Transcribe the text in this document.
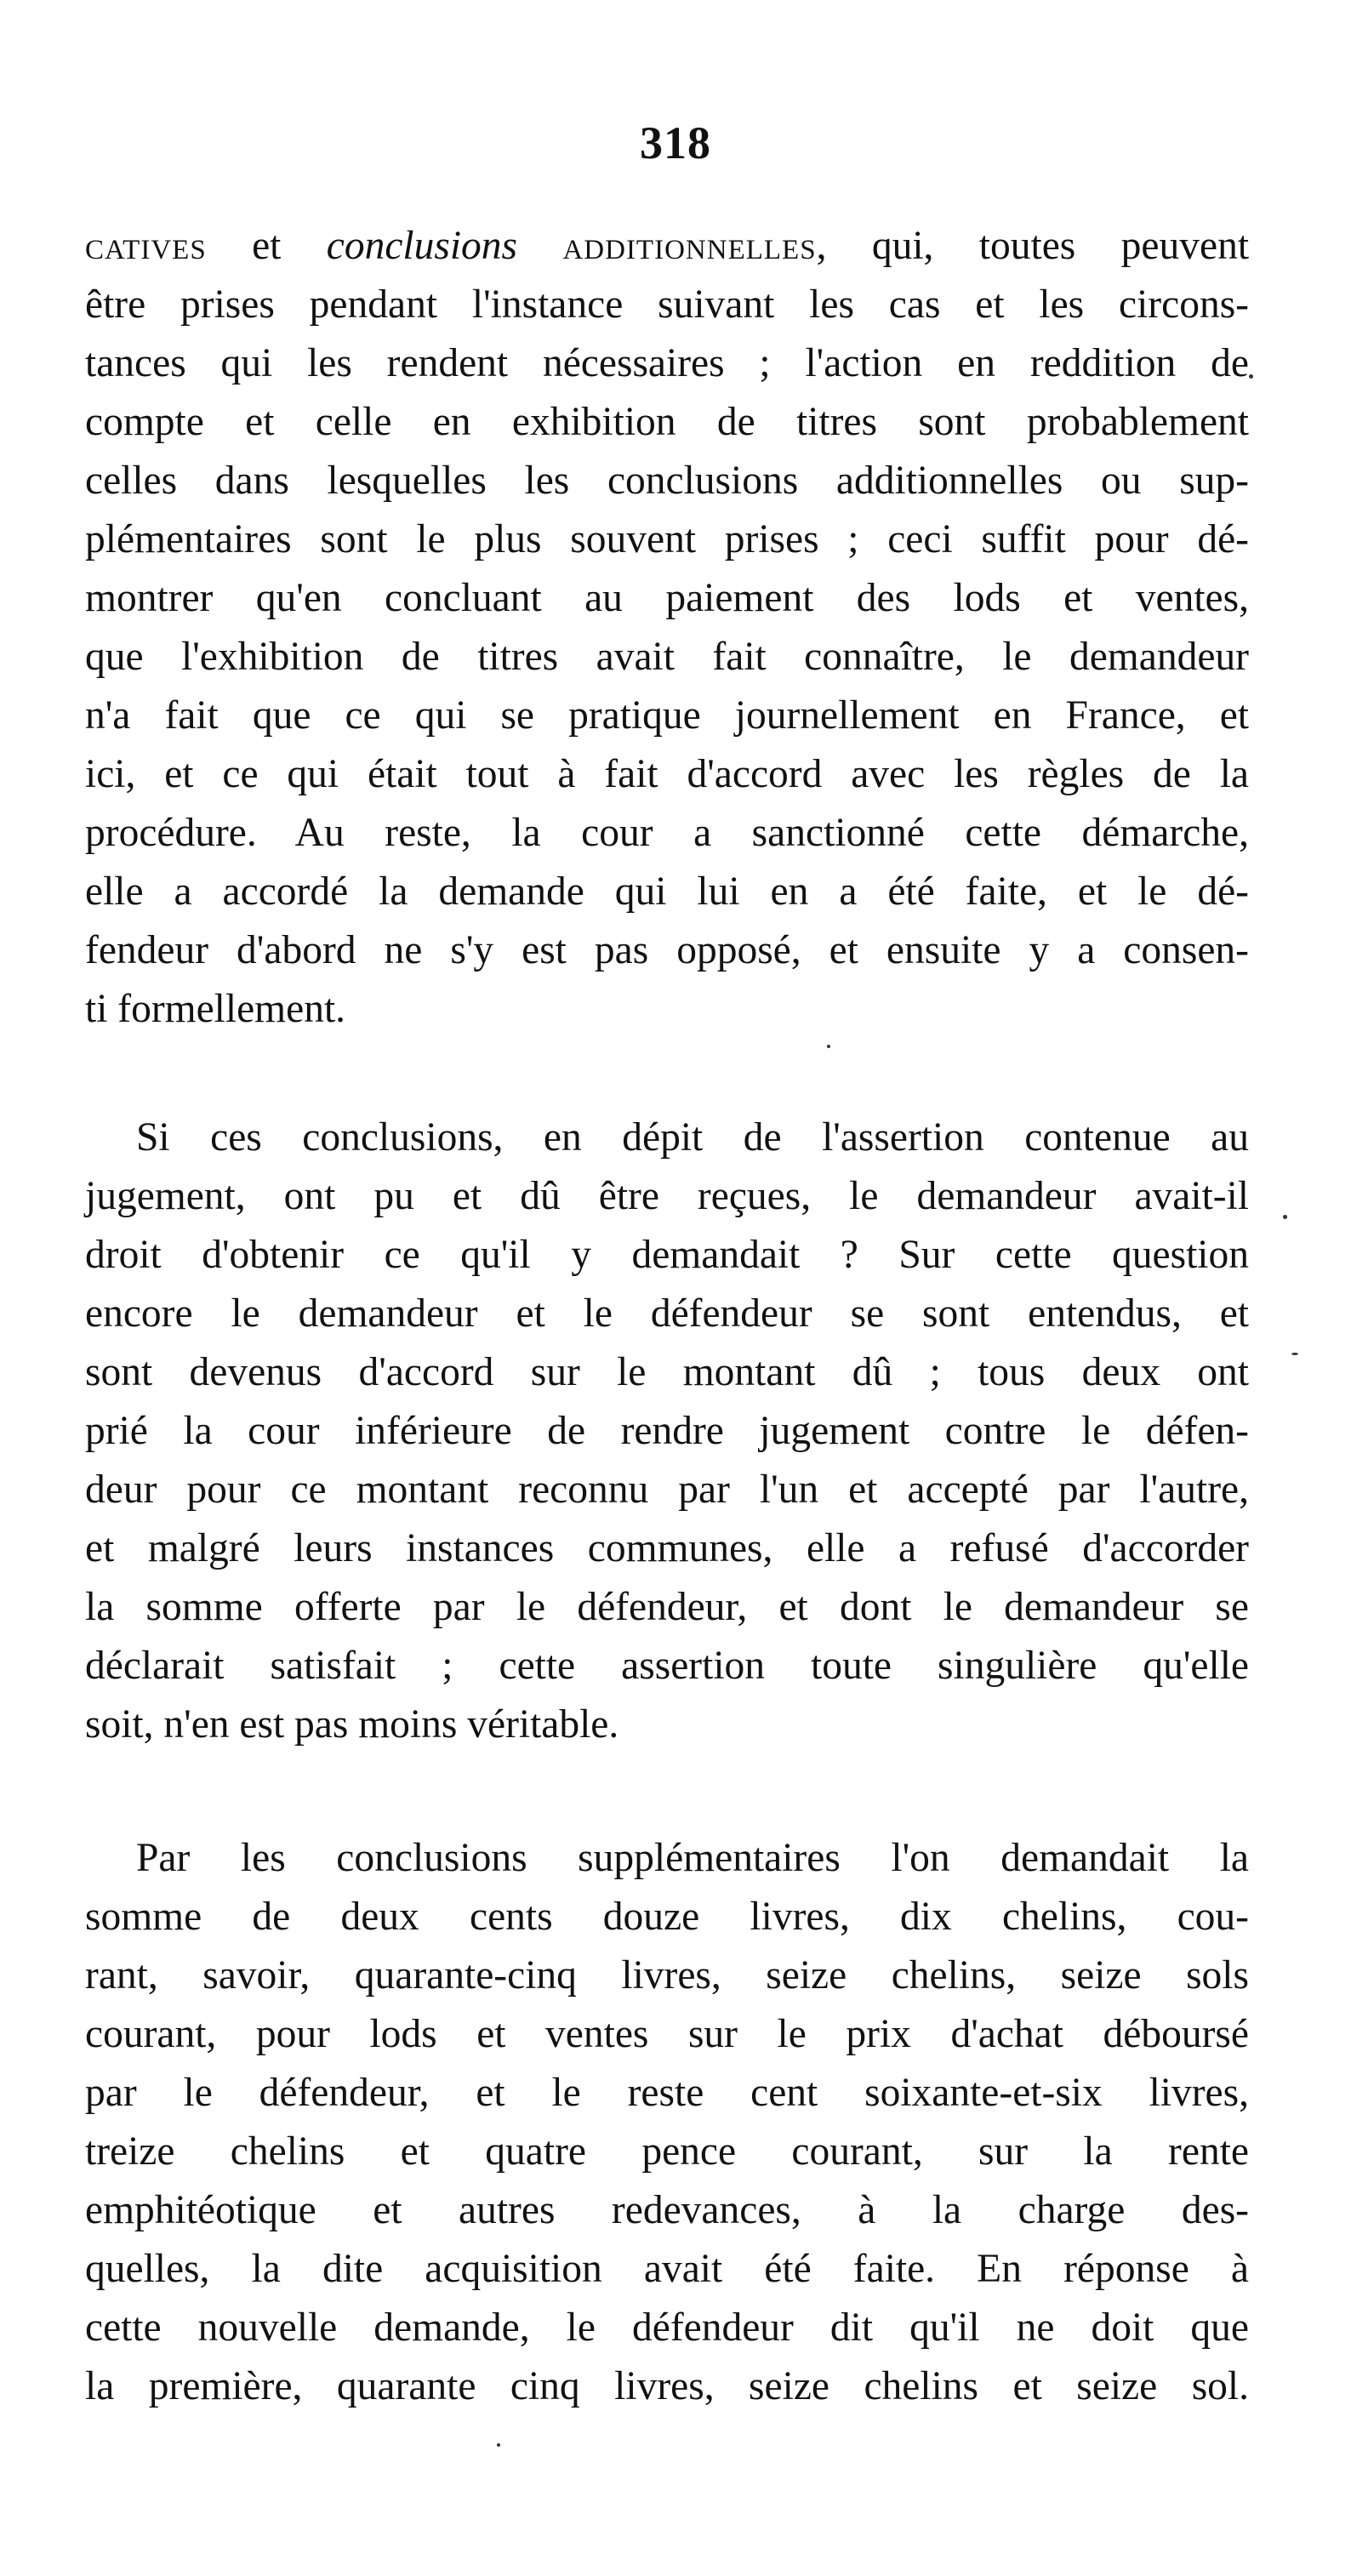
318
catives et conclusions additionnelles, qui, toutes peuvent
être prises pendant l'instance suivant les cas et les circons-
tances qui les rendent nécessaires ; l'action en reddition de
compte et celle en exhibition de titres sont probablement
celles dans lesquelles les conclusions additionnelles ou sup-
plémentaires sont le plus souvent prises ; ceci suffit pour dé-
montrer qu'en concluant au paiement des lods et ventes,
que l'exhibition de titres avait fait connaître, le demandeur
n'a fait que ce qui se pratique journellement en France, et
ici, et ce qui était tout à fait d'accord avec les règles de la
procédure. Au reste, la cour a sanctionné cette démarche,
elle a accordé la demande qui lui en a été faite, et le dé-
fendeur d'abord ne s'y est pas opposé, et ensuite y a consen-
ti formellement.
Si ces conclusions, en dépit de l'assertion contenue au
jugement, ont pu et dû être reçues, le demandeur avait-il
droit d'obtenir ce qu'il y demandait ? Sur cette question
encore le demandeur et le défendeur se sont entendus, et
sont devenus d'accord sur le montant dû ; tous deux ont
prié la cour inférieure de rendre jugement contre le défen-
deur pour ce montant reconnu par l'un et accepté par l'autre,
et malgré leurs instances communes, elle a refusé d'accorder
la somme offerte par le défendeur, et dont le demandeur se
déclarait satisfait ; cette assertion toute singulière qu'elle
soit, n'en est pas moins véritable.
Par les conclusions supplémentaires l'on demandait la
somme de deux cents douze livres, dix chelins, cou-
rant, savoir, quarante-cinq livres, seize chelins, seize sols
courant, pour lods et ventes sur le prix d'achat déboursé
par le défendeur, et le reste cent soixante-et-six livres,
treize chelins et quatre pence courant, sur la rente
emphitéotique et autres redevances, à la charge des-
quelles, la dite acquisition avait été faite. En réponse à
cette nouvelle demande, le défendeur dit qu'il ne doit que
la première, quarante cinq livres, seize chelins et seize sol.
